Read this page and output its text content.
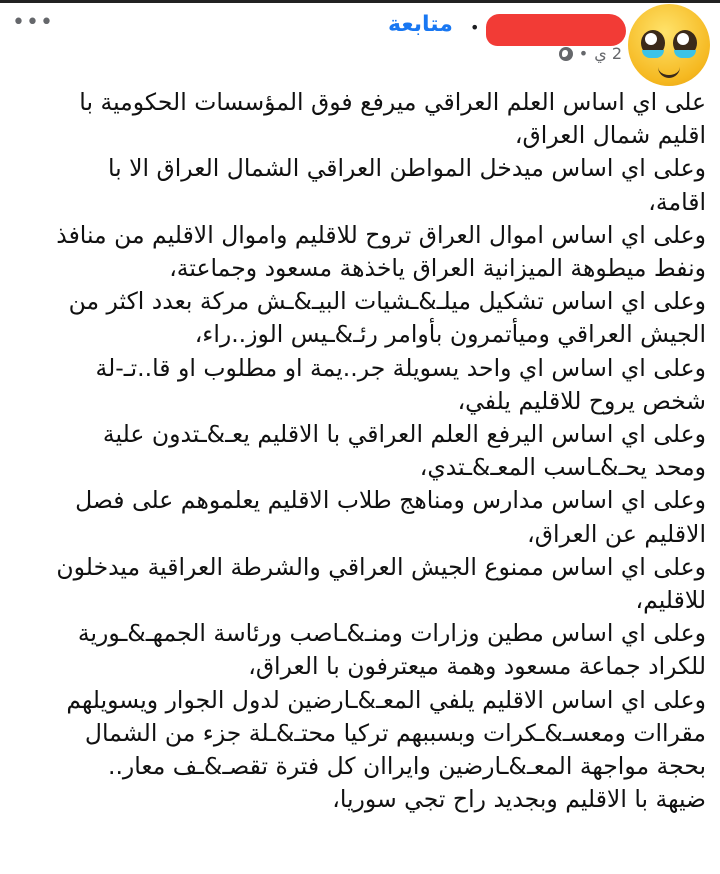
•••	•
متابعة
2 ي
•
على اي اساس العلم العراقي ميرفع فوق المؤسسات الحكومية با
اقليم شمال العراق،
وعلى اي اساس ميدخل المواطن العراقي الشمال العراق الا با
اقامة،
وعلى اي اساس اموال العراق تروح للاقليم واموال الاقليم من منافذ
ونفط ميطوهة الميزانية العراق ياخذهة مسعود وجماعتة،
وعلى اي اساس تشكيل ميلـ&ـشيات البيـ&ـش مركة بعدد اكثر من
الجيش العراقي وميأتمرون بأوامر رئـ&ـيس الوز..راء،
وعلى اي اساس اي واحد يسويلة جر..يمة او مطلوب او قا..تـ-لة
شخص يروح للاقليم يلفي،
وعلى اي اساس اليرفع العلم العراقي با الاقليم يعـ&ـتدون علية
ومحد يحـ&ـاسب المعـ&ـتدي،
وعلى اي اساس مدارس ومناهج طلاب الاقليم يعلموهم على فصل
الاقليم عن العراق،
وعلى اي اساس ممنوع الجيش العراقي والشرطة العراقية ميدخلون
للاقليم،
وعلى اي اساس مطين وزارات ومنـ&ـاصب ورئاسة الجمهـ&ـورية
للكراد جماعة مسعود وهمة ميعترفون با العراق،
وعلى اي اساس الاقليم يلفي المعـ&ـارضين لدول الجوار ويسويلهم
مقراات ومعسـ&ـكرات وبسببهم تركيا محتـ&ـلة جزء من الشمال
بحجة مواجهة المعـ&ـارضين وايراان كل فترة تقصـ&ـف معار..
ضيهة با الاقليم وبجديد راح تجي سوريا،
